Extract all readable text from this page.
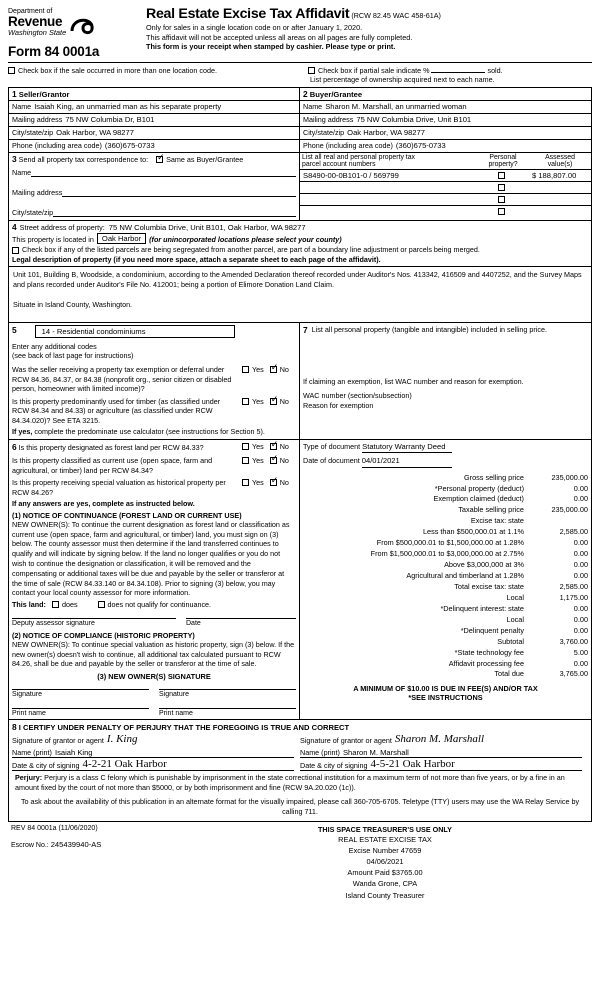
Department of
Revenue
Washington State
Form 84 0001a
Real Estate Excise Tax Affidavit (RCW 82.45 WAC 458-61A)
Only for sales in a single location code on or after January 1, 2020.
This affidavit will not be accepted unless all areas on all pages are fully completed.
This form is your receipt when stamped by cashier. Please type or print.
Check box if the sale occurred in more than one location code.	Check box if partial sale indicate %	sold.
List percentage of ownership acquired next to each name.
1 Seller/Grantor
Name Isaiah King, an unmarried man as his separate property
Mailing address 75 NW Columbia Dr, B101
City/state/zip Oak Harbor, WA 98277
Phone (including area code) (360)675-0733
2 Buyer/Grantee
Name Sharon M. Marshall, an unmarried woman
Mailing address 75 NW Columbia Drive, Unit B101
City/state/zip Oak Harbor, WA 98277
Phone (including area code) (360)675-0733
3 Send all property tax correspondence to: ✓	Same as Buyer/Grantee
Name
Mailing address
City/state/zip
List all real and personal property tax
parcel account numbers
Personal
property?
Assessed
value(s)
S8490-00-0B101-0 / 569799	$ 188,807.00

4 Street address of property: 75 NW Columbia Drive, Unit B101, Oak Harbor, WA 98277
This property is located in	Oak Harbor	(for unincorporated locations please select your county)
Check box if any of the listed parcels are being segregated from another parcel, are part of a boundary line adjustment or parcels being merged.
Legal description of property (if you need more space, attach a separate sheet to each page of the affidavit).
Unit 101, Building B, Woodside, a condominium, according to the Amended Declaration thereof recorded under Auditor's Nos. 413342, 416509 and 4407252, and the Survey Maps and plans recorded under Auditor's File No. 412001; being a portion of Elimore Donation Land Claim.
Situate in Island County, Washington.
5	14 - Residential condominiums
Enter any additional codes
(see back of last page for instructions)
Was the seller receiving a property tax exemption or deferral under RCW 84.36, 84.37, or 84.38 (nonprofit org., senior citizen or disabled person, homeowner with limited income)?
Yes ✓ No
Is this property predominantly used for timber (as classified under RCW 84.34 and 84.33) or agriculture (as classified under RCW 84.34.020)? See ETA 3215.
Yes ✓ No
If yes, complete the predominate use calculator (see instructions for Section 5).
7 List all personal property (tangible and intangible) included in selling price.
If claiming an exemption, list WAC number and reason for exemption.
WAC number (section/subsection)
Reason for exemption
6 Is this property designated as forest land per RCW 84.33?	Yes ✓ No
Is this property classified as current use (open space, farm and agricultural, or timber) land per RCW 84.34?
Yes ✓ No
Is this property receiving special valuation as historical property per RCW 84.26?
Yes ✓ No
If any answers are yes, complete as instructed below.
(1) NOTICE OF CONTINUANCE (FOREST LAND OR CURRENT USE)
NEW OWNER(S): To continue the current designation as forest land or classification as current use (open space, farm and agricultural, or timber) land, you must sign on (3) below. The county assessor must then determine if the land transferred continues to qualify and will indicate by signing below. If the land no longer qualifies or you do not wish to continue the designation or classification, it will be removed and the compensating or additional taxes will be due and payable by the seller or transferor at the time of sale (RCW 84.33.140 or 84.34.108). Prior to signing (3) below, you may contact your local county assessor for more information.
This land: does	does not qualify for continuance.
Deputy assessor signature	Date
(2) NOTICE OF COMPLIANCE (HISTORIC PROPERTY)
NEW OWNER(S): To continue special valuation as historic property, sign (3) below. If the new owner(s) doesn't wish to continue, all additional tax calculated pursuant to RCW 84.26, shall be due and payable by the seller or transferor at the time of sale.
(3) NEW OWNER(S) SIGNATURE
Signature	Signature
Print name	Print name
Type of document Statutory Warranty Deed
Date of document 04/01/2021
Gross selling price	235,000.00
*Personal property (deduct)	0.00
Exemption claimed (deduct)	0.00
Taxable selling price	235,000.00
Excise tax: state
Less than $500,000.01 at 1.1%	2,585.00
From $500,000.01 to $1,500,000.00 at 1.28%	0.00
From $1,500,000.01 to $3,000,000.00 at 2.75%	0.00
Above $3,000,000 at 3%	0.00
Agricultural and timberland at 1.28%	0.00
Total excise tax: state	2,585.00
Local	1,175.00
*Delinquent interest: state	0.00
Local	0.00
*Delinquent penalty	0.00
Subtotal	3,760.00
*State technology fee	5.00
Affidavit processing fee	0.00
Total due	3,765.00
A MINIMUM OF $10.00 IS DUE IN FEE(S) AND/OR TAX
*SEE INSTRUCTIONS
8 I CERTIFY UNDER PENALTY OF PERJURY THAT THE FOREGOING IS TRUE AND CORRECT
Signature of grantor or agent I. King
Name (print) Isaiah King
Date & city of signing 4-2-21 Oak Harbor
Signature of grantor or agent Sharon M. Marshall
Name (print) Sharon M. Marshall
Date & city of signing 4-5-21 Oak Harbor
Perjury: Perjury is a class C felony which is punishable by imprisonment in the state correctional institution for a maximum term of not more than five years, or by a fine in an amount fixed by the court of not more than $5000, or by both imprisonment and fine (RCW 9A.20.020 (1c)).
To ask about the availability of this publication in an alternate format for the visually impaired, please call 360-705-6705. Teletype (TTY) users may use the WA Relay Service by calling 711.
REV 84 0001a (11/06/2020)
Escrow No.: 245439940-AS
THIS SPACE TREASURER'S USE ONLY
REAL ESTATE EXCISE TAX
Excise Number 47659
04/06/2021
Amount Paid $3765.00
Wanda Grone, CPA
Island County Treasurer
